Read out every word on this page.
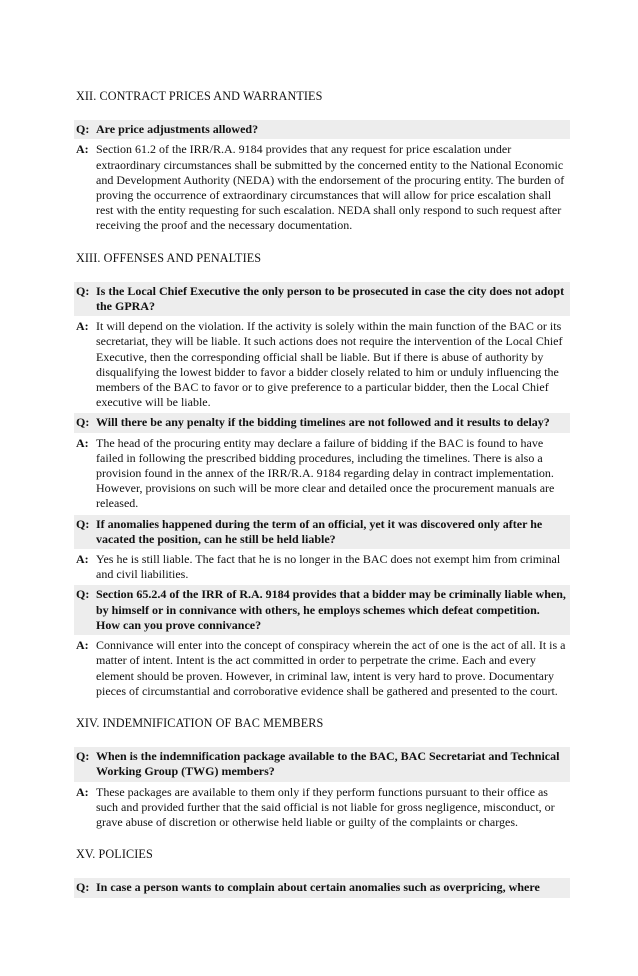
XII. CONTRACT PRICES AND WARRANTIES
Q: Are price adjustments allowed?
A: Section 61.2 of the IRR/R.A. 9184 provides that any request for price escalation under extraordinary circumstances shall be submitted by the concerned entity to the National Economic and Development Authority (NEDA) with the endorsement of the procuring entity. The burden of proving the occurrence of extraordinary circumstances that will allow for price escalation shall rest with the entity requesting for such escalation. NEDA shall only respond to such request after receiving the proof and the necessary documentation.
XIII. OFFENSES AND PENALTIES
Q: Is the Local Chief Executive the only person to be prosecuted in case the city does not adopt the GPRA?
A: It will depend on the violation. If the activity is solely within the main function of the BAC or its secretariat, they will be liable. It such actions does not require the intervention of the Local Chief Executive, then the corresponding official shall be liable. But if there is abuse of authority by disqualifying the lowest bidder to favor a bidder closely related to him or unduly influencing the members of the BAC to favor or to give preference to a particular bidder, then the Local Chief executive will be liable.
Q: Will there be any penalty if the bidding timelines are not followed and it results to delay?
A: The head of the procuring entity may declare a failure of bidding if the BAC is found to have failed in following the prescribed bidding procedures, including the timelines. There is also a provision found in the annex of the IRR/R.A. 9184 regarding delay in contract implementation. However, provisions on such will be more clear and detailed once the procurement manuals are released.
Q: If anomalies happened during the term of an official, yet it was discovered only after he vacated the position, can he still be held liable?
A: Yes he is still liable. The fact that he is no longer in the BAC does not exempt him from criminal and civil liabilities.
Q: Section 65.2.4 of the IRR of R.A. 9184 provides that a bidder may be criminally liable when, by himself or in connivance with others, he employs schemes which defeat competition. How can you prove connivance?
A: Connivance will enter into the concept of conspiracy wherein the act of one is the act of all. It is a matter of intent. Intent is the act committed in order to perpetrate the crime. Each and every element should be proven. However, in criminal law, intent is very hard to prove. Documentary pieces of circumstantial and corroborative evidence shall be gathered and presented to the court.
XIV. INDEMNIFICATION OF BAC MEMBERS
Q: When is the indemnification package available to the BAC, BAC Secretariat and Technical Working Group (TWG) members?
A: These packages are available to them only if they perform functions pursuant to their office as such and provided further that the said official is not liable for gross negligence, misconduct, or grave abuse of discretion or otherwise held liable or guilty of the complaints or charges.
XV. POLICIES
Q: In case a person wants to complain about certain anomalies such as overpricing, where
